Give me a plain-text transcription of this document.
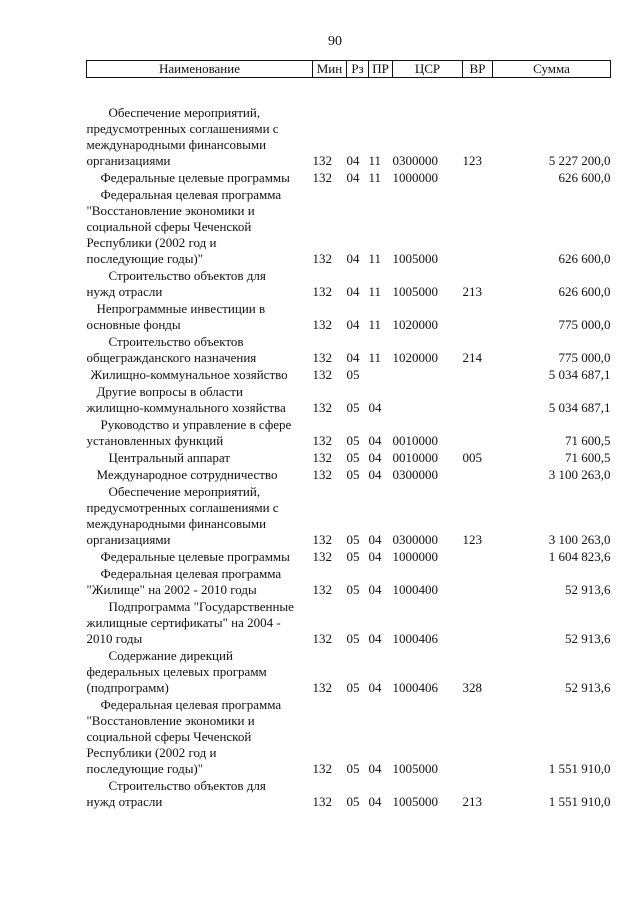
90
Наименование	Мин	Рз	ПР	ЦСР	ВР	Сумма

Обеспечение мероприятий,
предусмотренных соглашениями с
международными финансовыми
организациями	132	04	11	0300000	123	5 227 200,0

Федеральные целевые программы	132	04	11	1000000		626 600,0

Федеральная целевая программа
"Восстановление экономики и
социальной сферы Чеченской
Республики (2002 год и
последующие годы)"	132	04	11	1005000		626 600,0

Строительство объектов для
нужд отрасли	132	04	11	1005000	213	626 600,0

Непрограммные инвестиции в
основные фонды	132	04	11	1020000		775 000,0

Строительство объектов
общегражданского назначения	132	04	11	1020000	214	775 000,0

Жилищно-коммунальное хозяйство	132	05				5 034 687,1

Другие вопросы в области
жилищно-коммунального хозяйства	132	05	04			5 034 687,1

Руководство и управление в сфере
установленных функций	132	05	04	0010000		71 600,5

Центральный аппарат	132	05	04	0010000	005	71 600,5

Международное сотрудничество	132	05	04	0300000		3 100 263,0

Обеспечение мероприятий,
предусмотренных соглашениями с
международными финансовыми
организациями	132	05	04	0300000	123	3 100 263,0

Федеральные целевые программы	132	05	04	1000000		1 604 823,6

Федеральная целевая программа
"Жилище" на 2002 - 2010 годы	132	05	04	1000400		52 913,6

Подпрограмма "Государственные
жилищные сертификаты" на 2004 -
2010 годы	132	05	04	1000406		52 913,6

Содержание дирекций
федеральных целевых программ
(подпрограмм)	132	05	04	1000406	328	52 913,6

Федеральная целевая программа
"Восстановление экономики и
социальной сферы Чеченской
Республики (2002 год и
последующие годы)"	132	05	04	1005000		1 551 910,0

Строительство объектов для
нужд отрасли	132	05	04	1005000	213	1 551 910,0
